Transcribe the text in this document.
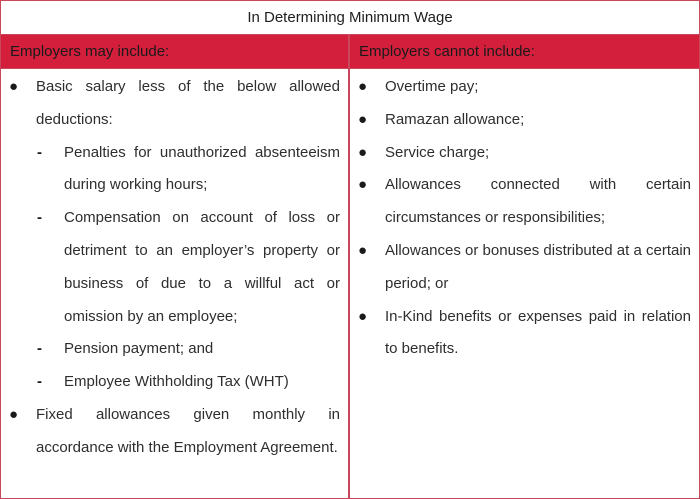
In Determining Minimum Wage
Employers may include:	Employers cannot include:
● Basic salary less of the below allowed deductions:
- Penalties for unauthorized absenteeism during working hours;
- Compensation on account of loss or detriment to an employer’s property or business of due to a willful act or omission by an employee;
- Pension payment; and
- Employee Withholding Tax (WHT)
● Fixed allowances given monthly in accordance with the Employment Agreement.
● Overtime pay;
● Ramazan allowance;
● Service charge;
● Allowances connected with certain circumstances or responsibilities;
● Allowances or bonuses distributed at a certain period; or
● In-Kind benefits or expenses paid in relation to benefits.
